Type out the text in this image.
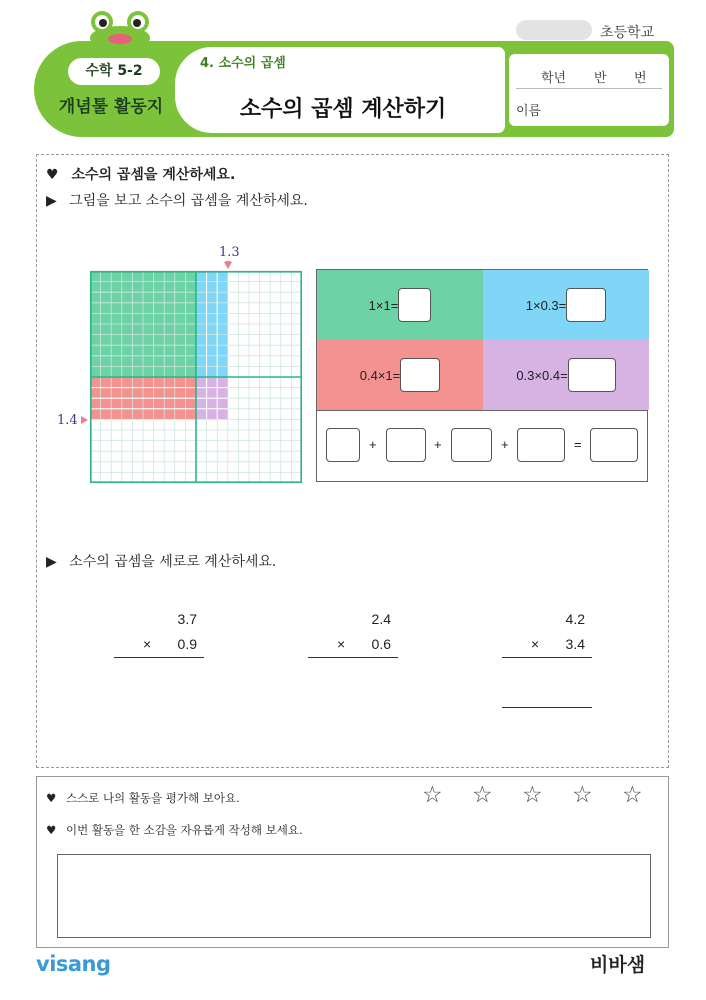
초등학교
수학 5-2
개념툴 활동지
4. 소수의 곱셈
소수의 곱셈 계산하기
학년 반 번
이름
♥ 소수의 곱셈을 계산하세요.
▶ 그림을 보고 소수의 곱셈을 계산하세요.
1.3
1.4
1×1=	1×0.3=
0.4×1=	0.3×0.4=
+	+	+	=
▶ 소수의 곱셈을 세로로 계산하세요.
3.7
×	0.9
2.4
×	0.6
4.2
×	3.4
♥ 스스로 나의 활동을 평가해 보아요.	☆ ☆ ☆ ☆ ☆
♥ 이번 활동을 한 소감을 자유롭게 작성해 보세요.
visang	비바샘
